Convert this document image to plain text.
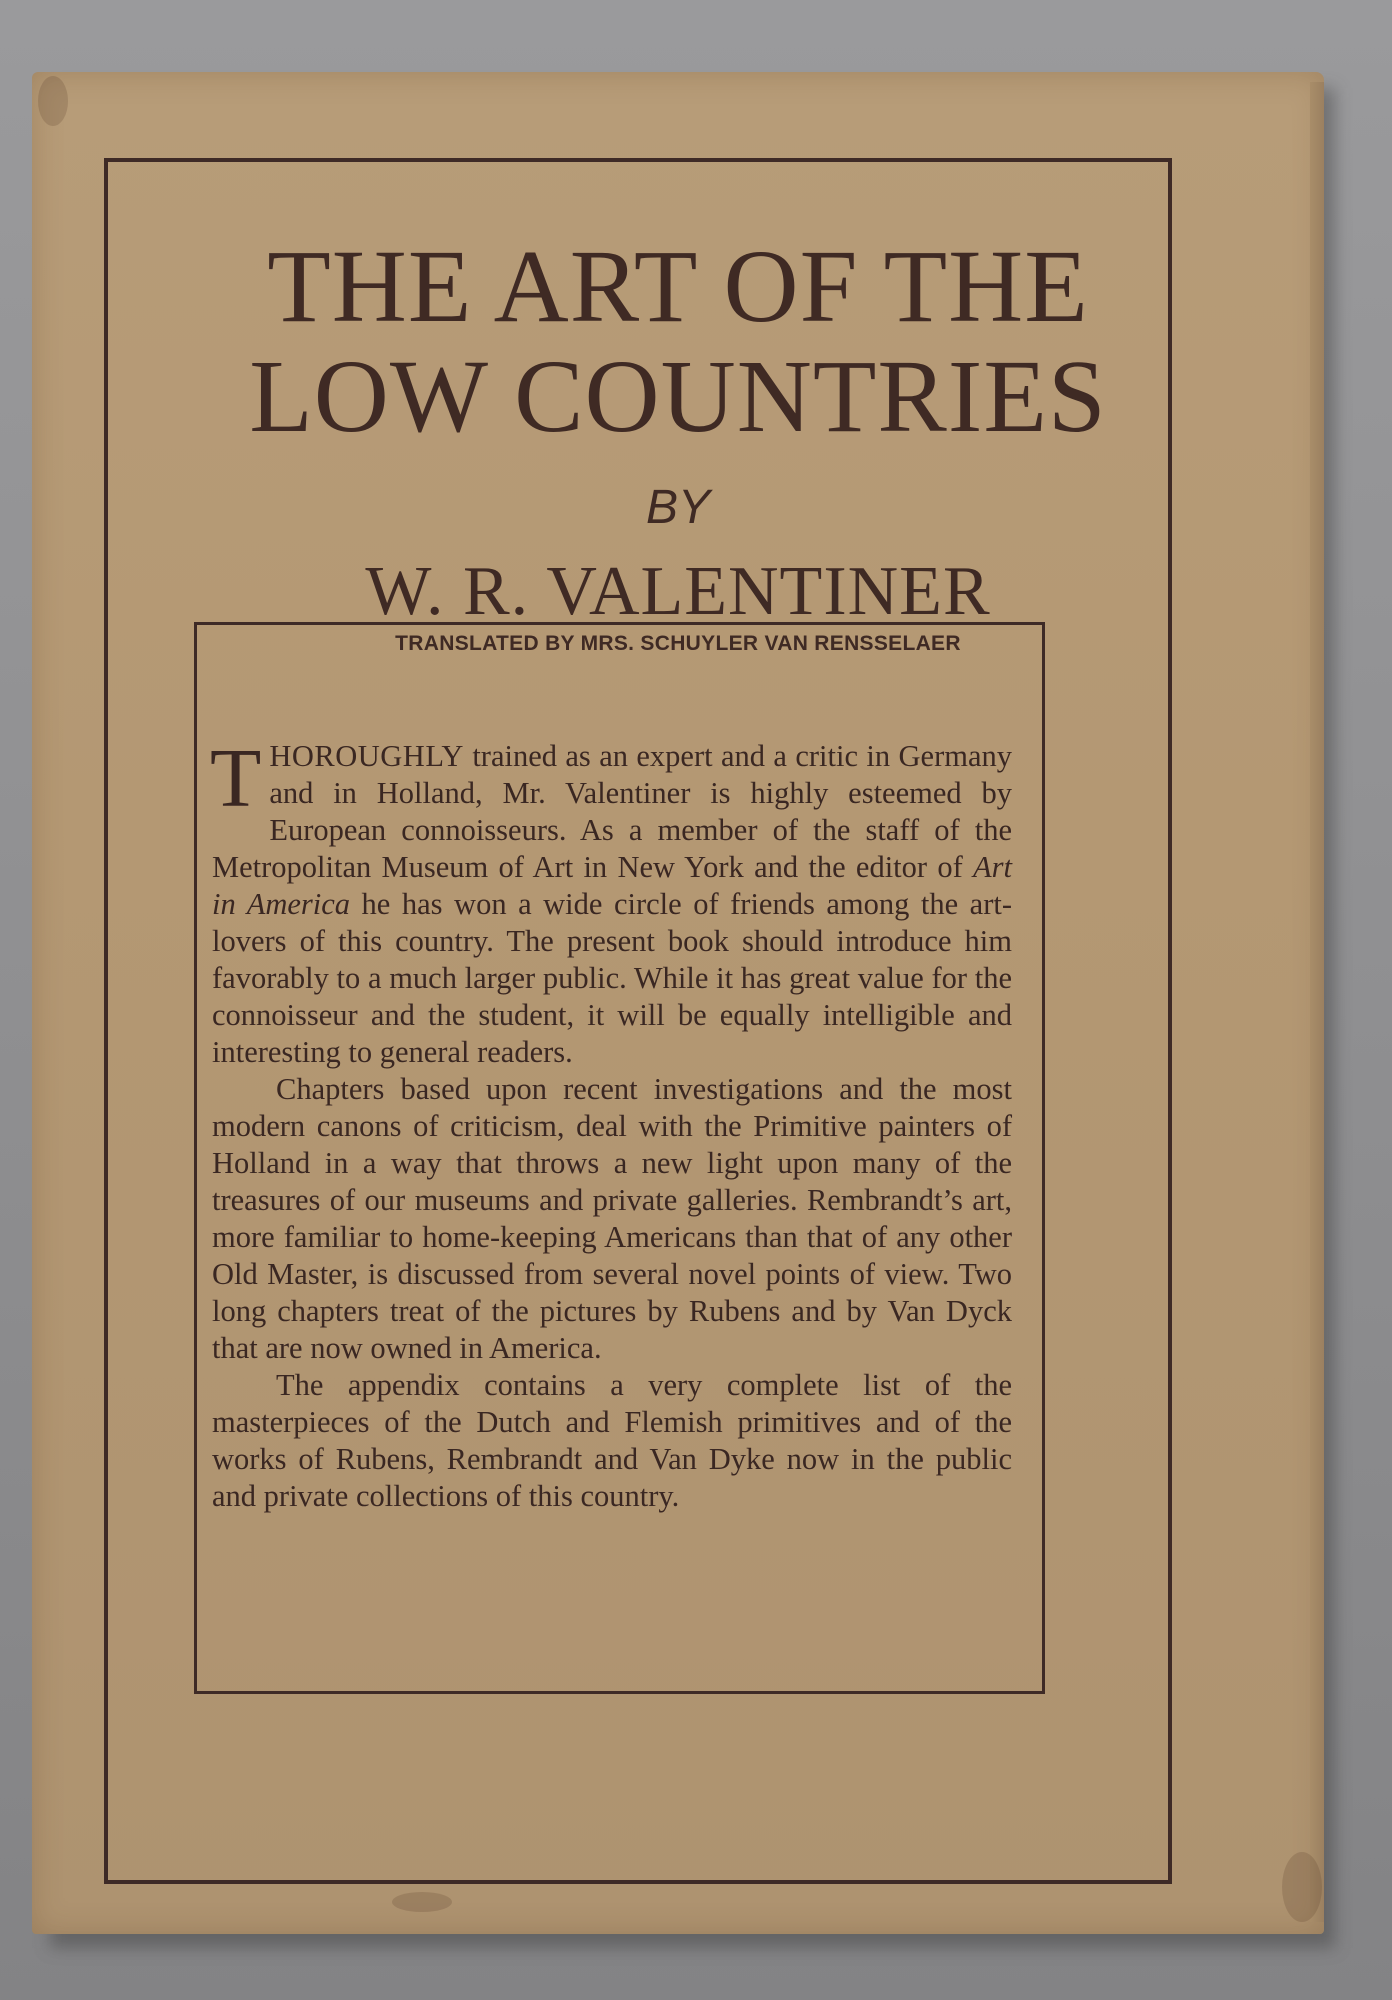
THE ART OF THE
LOW COUNTRIES
BY
W. R. VALENTINER
TRANSLATED BY MRS. SCHUYLER VAN RENSSELAER

THOROUGHLY trained as an expert and a critic in Germany and in Holland, Mr. Valentiner is highly esteemed by European connoisseurs. As a member of the staff of the Metropolitan Museum of Art in New York and the editor of Art in America he has won a wide circle of friends among the art-lovers of this country. The present book should introduce him favorably to a much larger public. While it has great value for the connoisseur and the student, it will be equally intelligible and interesting to general readers.

Chapters based upon recent investigations and the most modern canons of criticism, deal with the Primitive painters of Holland in a way that throws a new light upon many of the treasures of our museums and private galleries. Rembrandt’s art, more familiar to home-keeping Americans than that of any other Old Master, is discussed from several novel points of view. Two long chapters treat of the pictures by Rubens and by Van Dyck that are now owned in America.

The appendix contains a very complete list of the masterpieces of the Dutch and Flemish primitives and of the works of Rubens, Rembrandt and Van Dyke now in the public and private collections of this country.
